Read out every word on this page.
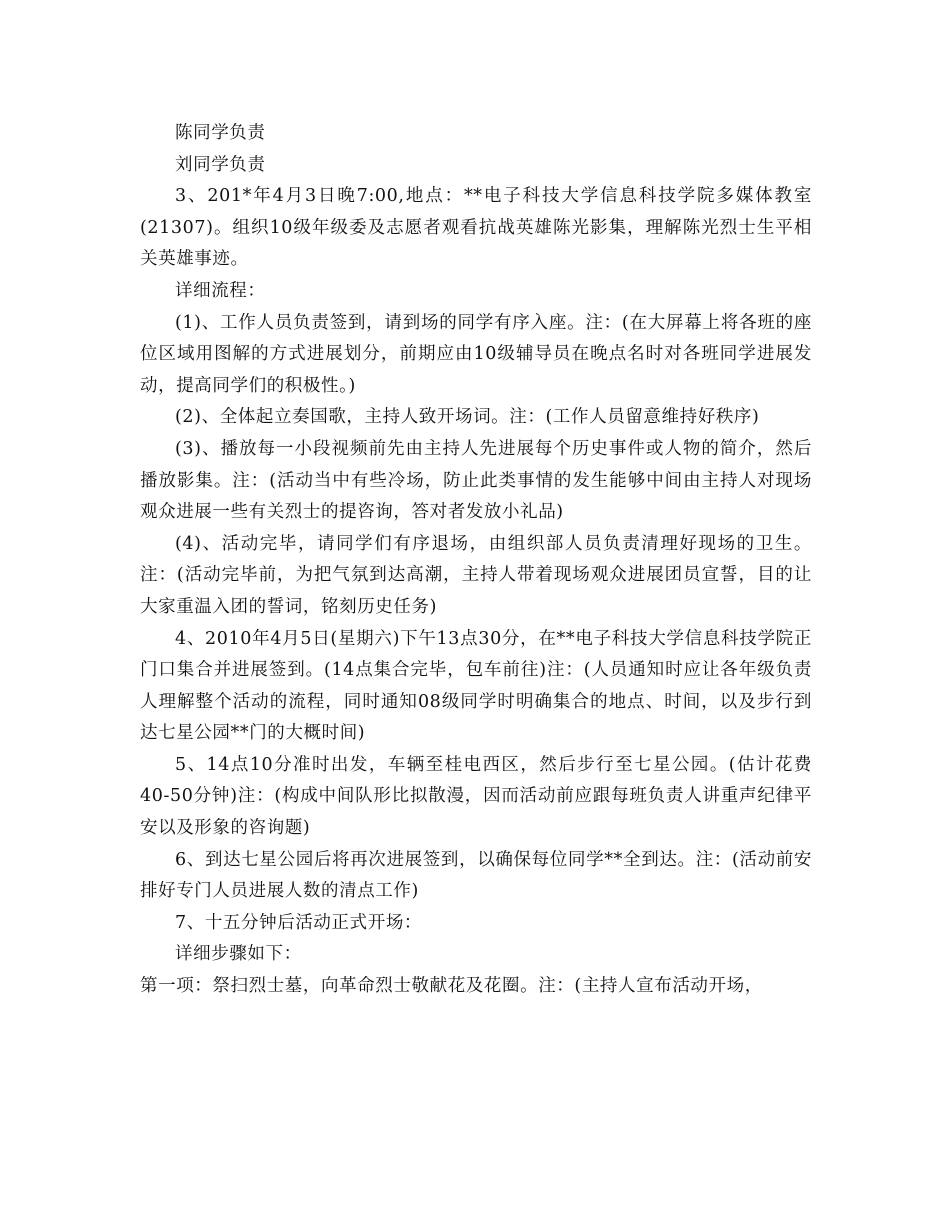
陈同学负责

刘同学负责

3、201*年4月3日晚7:00,地点：**电子科技大学信息科技学院多媒体教室(21307)。组织10级年级委及志愿者观看抗战英雄陈光影集，理解陈光烈士生平相关英雄事迹。

详细流程：

(1)、工作人员负责签到，请到场的同学有序入座。注：(在大屏幕上将各班的座位区域用图解的方式进展划分，前期应由10级辅导员在晚点名时对各班同学进展发动，提高同学们的积极性。)

(2)、全体起立奏国歌，主持人致开场词。注：(工作人员留意维持好秩序)

(3)、播放每一小段视频前先由主持人先进展每个历史事件或人物的简介，然后播放影集。注：(活动当中有些冷场，防止此类事情的发生能够中间由主持人对现场观众进展一些有关烈士的提咨询，答对者发放小礼品)

(4)、活动完毕，请同学们有序退场，由组织部人员负责清理好现场的卫生。注：(活动完毕前，为把气氛到达高潮，主持人带着现场观众进展团员宣誓，目的让大家重温入团的誓词，铭刻历史任务)

4、2010年4月5日(星期六)下午13点30分，在**电子科技大学信息科技学院正门口集合并进展签到。(14点集合完毕，包车前往)注：(人员通知时应让各年级负责人理解整个活动的流程，同时通知08级同学时明确集合的地点、时间，以及步行到达七星公园**门的大概时间)

5、14点10分准时出发，车辆至桂电西区，然后步行至七星公园。(估计花费40-50分钟)注：(构成中间队形比拟散漫，因而活动前应跟每班负责人讲重声纪律平安以及形象的咨询题)

6、到达七星公园后将再次进展签到，以确保每位同学**全到达。注：(活动前安排好专门人员进展人数的清点工作)

7、十五分钟后活动正式开场：

详细步骤如下：

第一项：祭扫烈士墓，向革命烈士敬献花及花圈。注：(主持人宣布活动开场，
